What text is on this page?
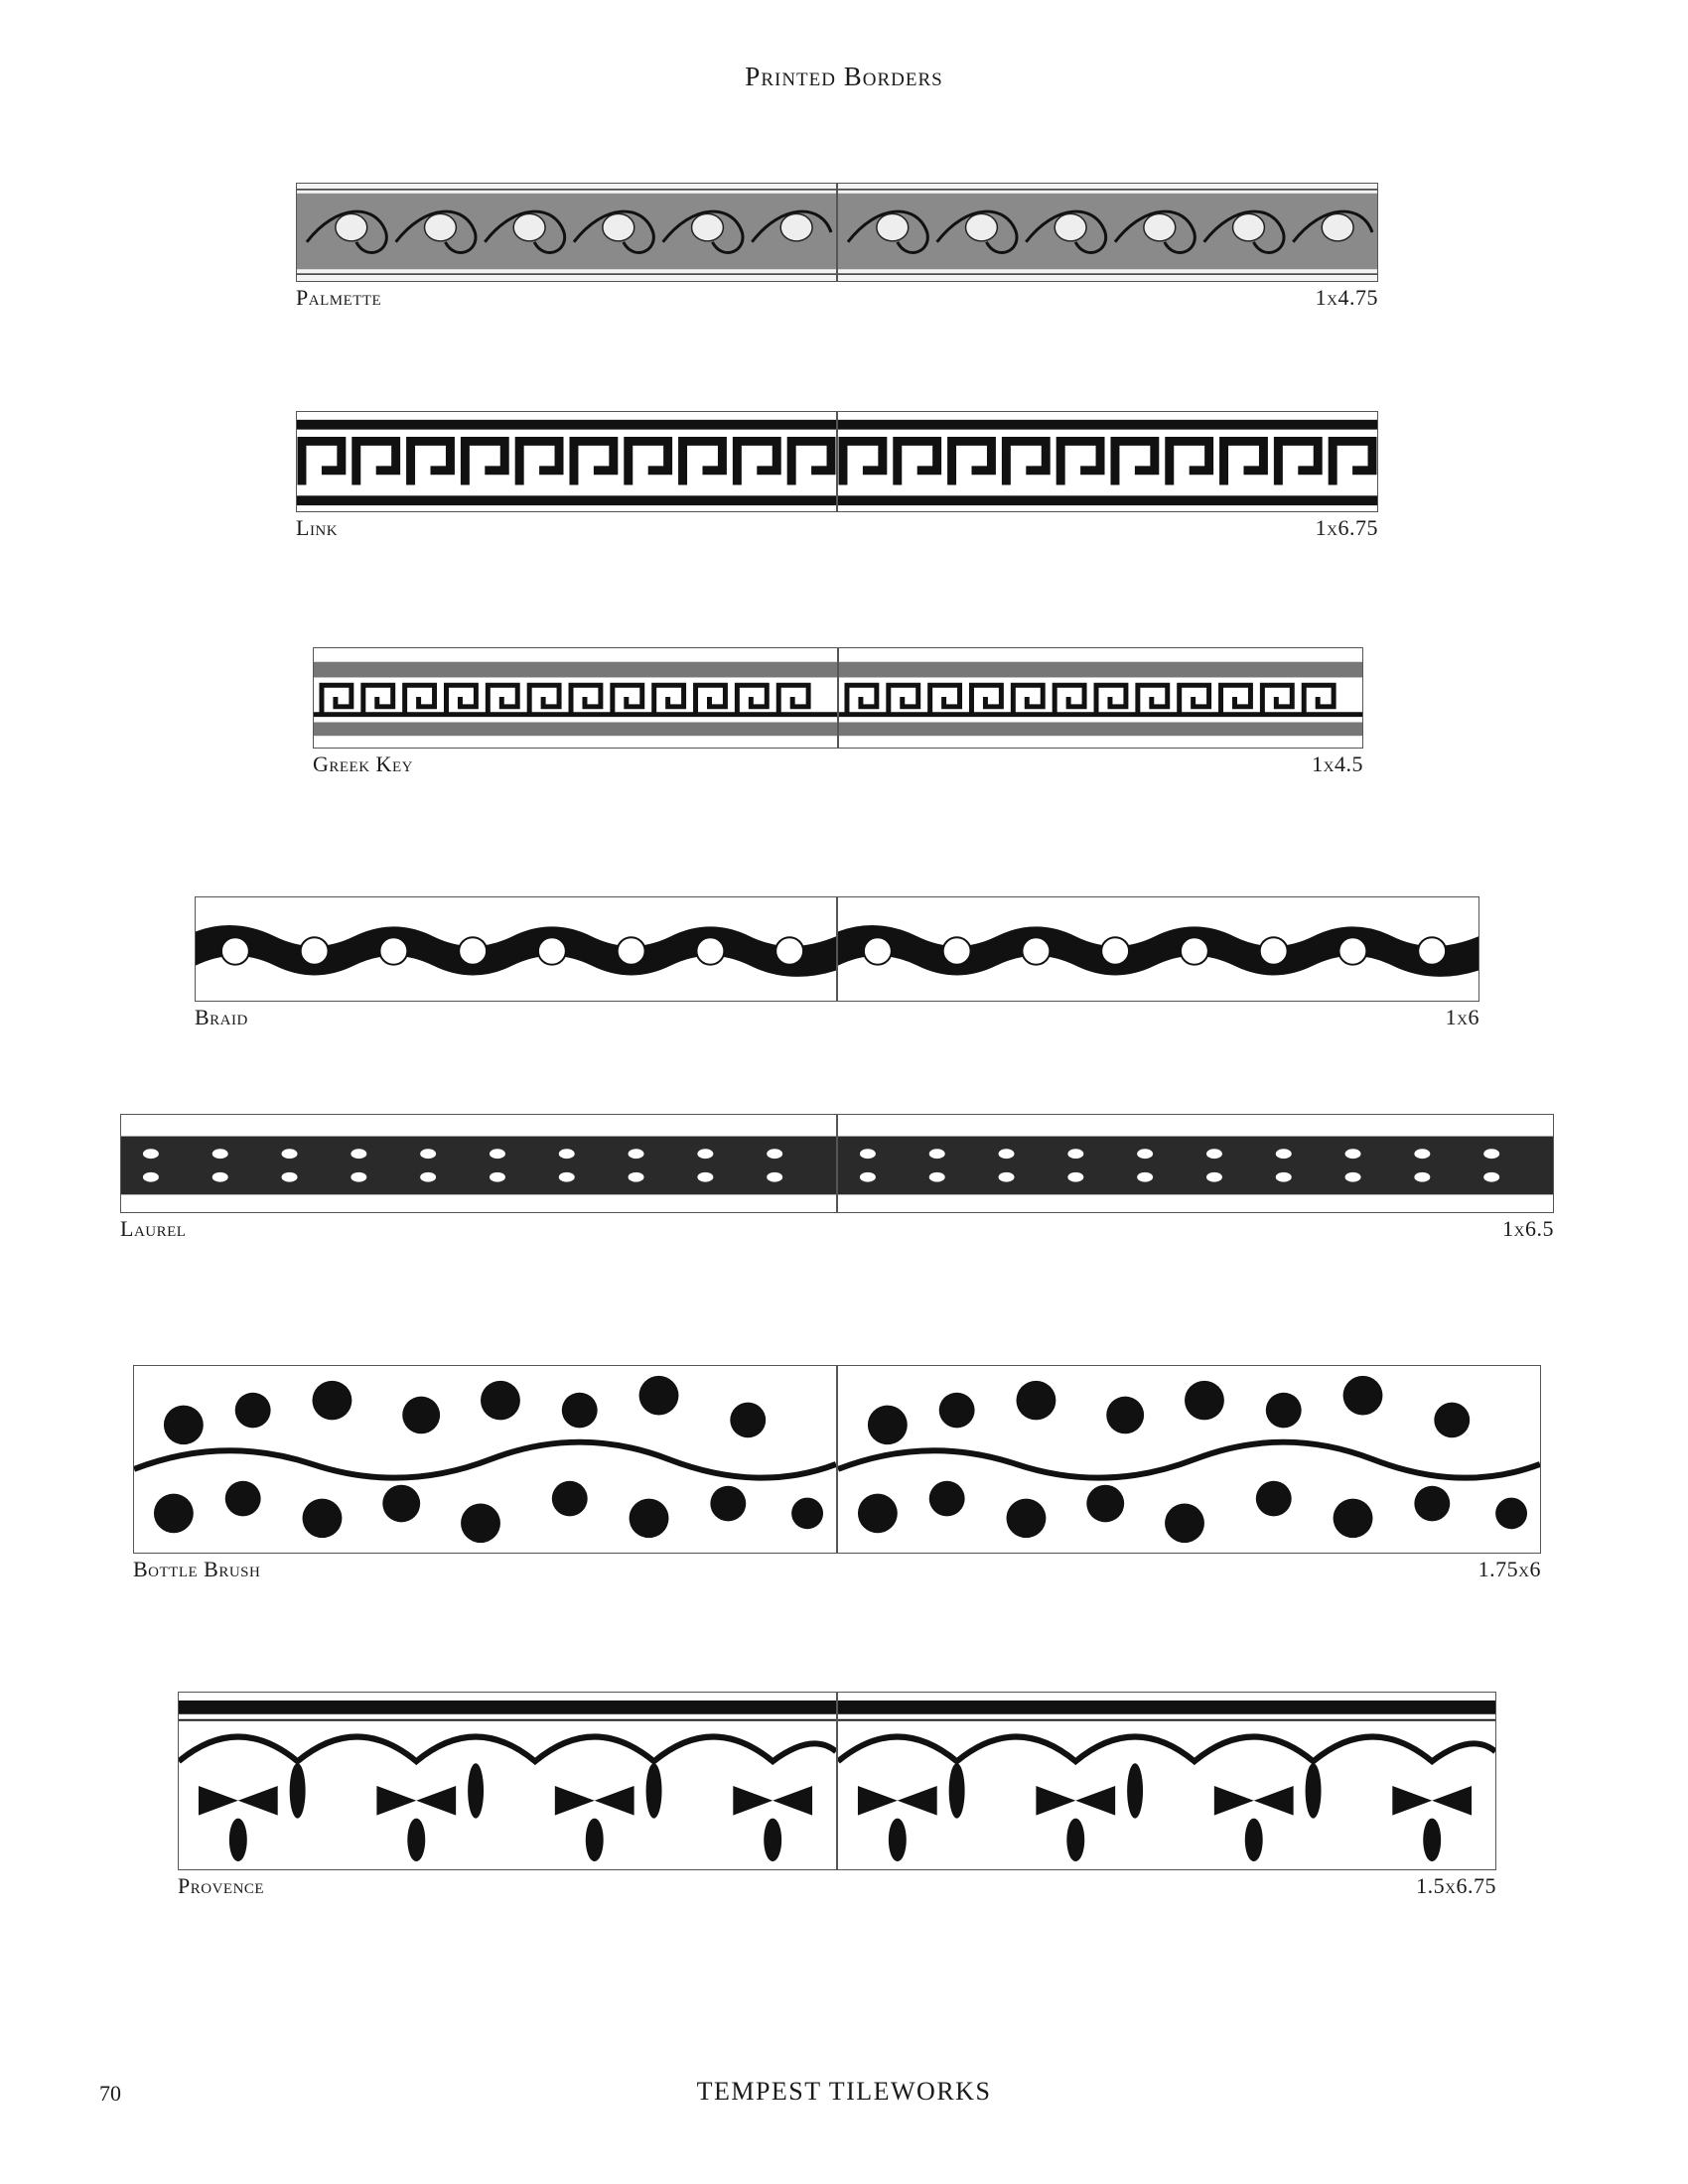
Printed Borders
Palmette	1x4.75
Link	1x6.75
Greek Key	1x4.5
Braid	1x6
Laurel	1x6.5
Bottle Brush	1.75x6
Provence	1.5x6.75
70	TEMPEST TILEWORKS
